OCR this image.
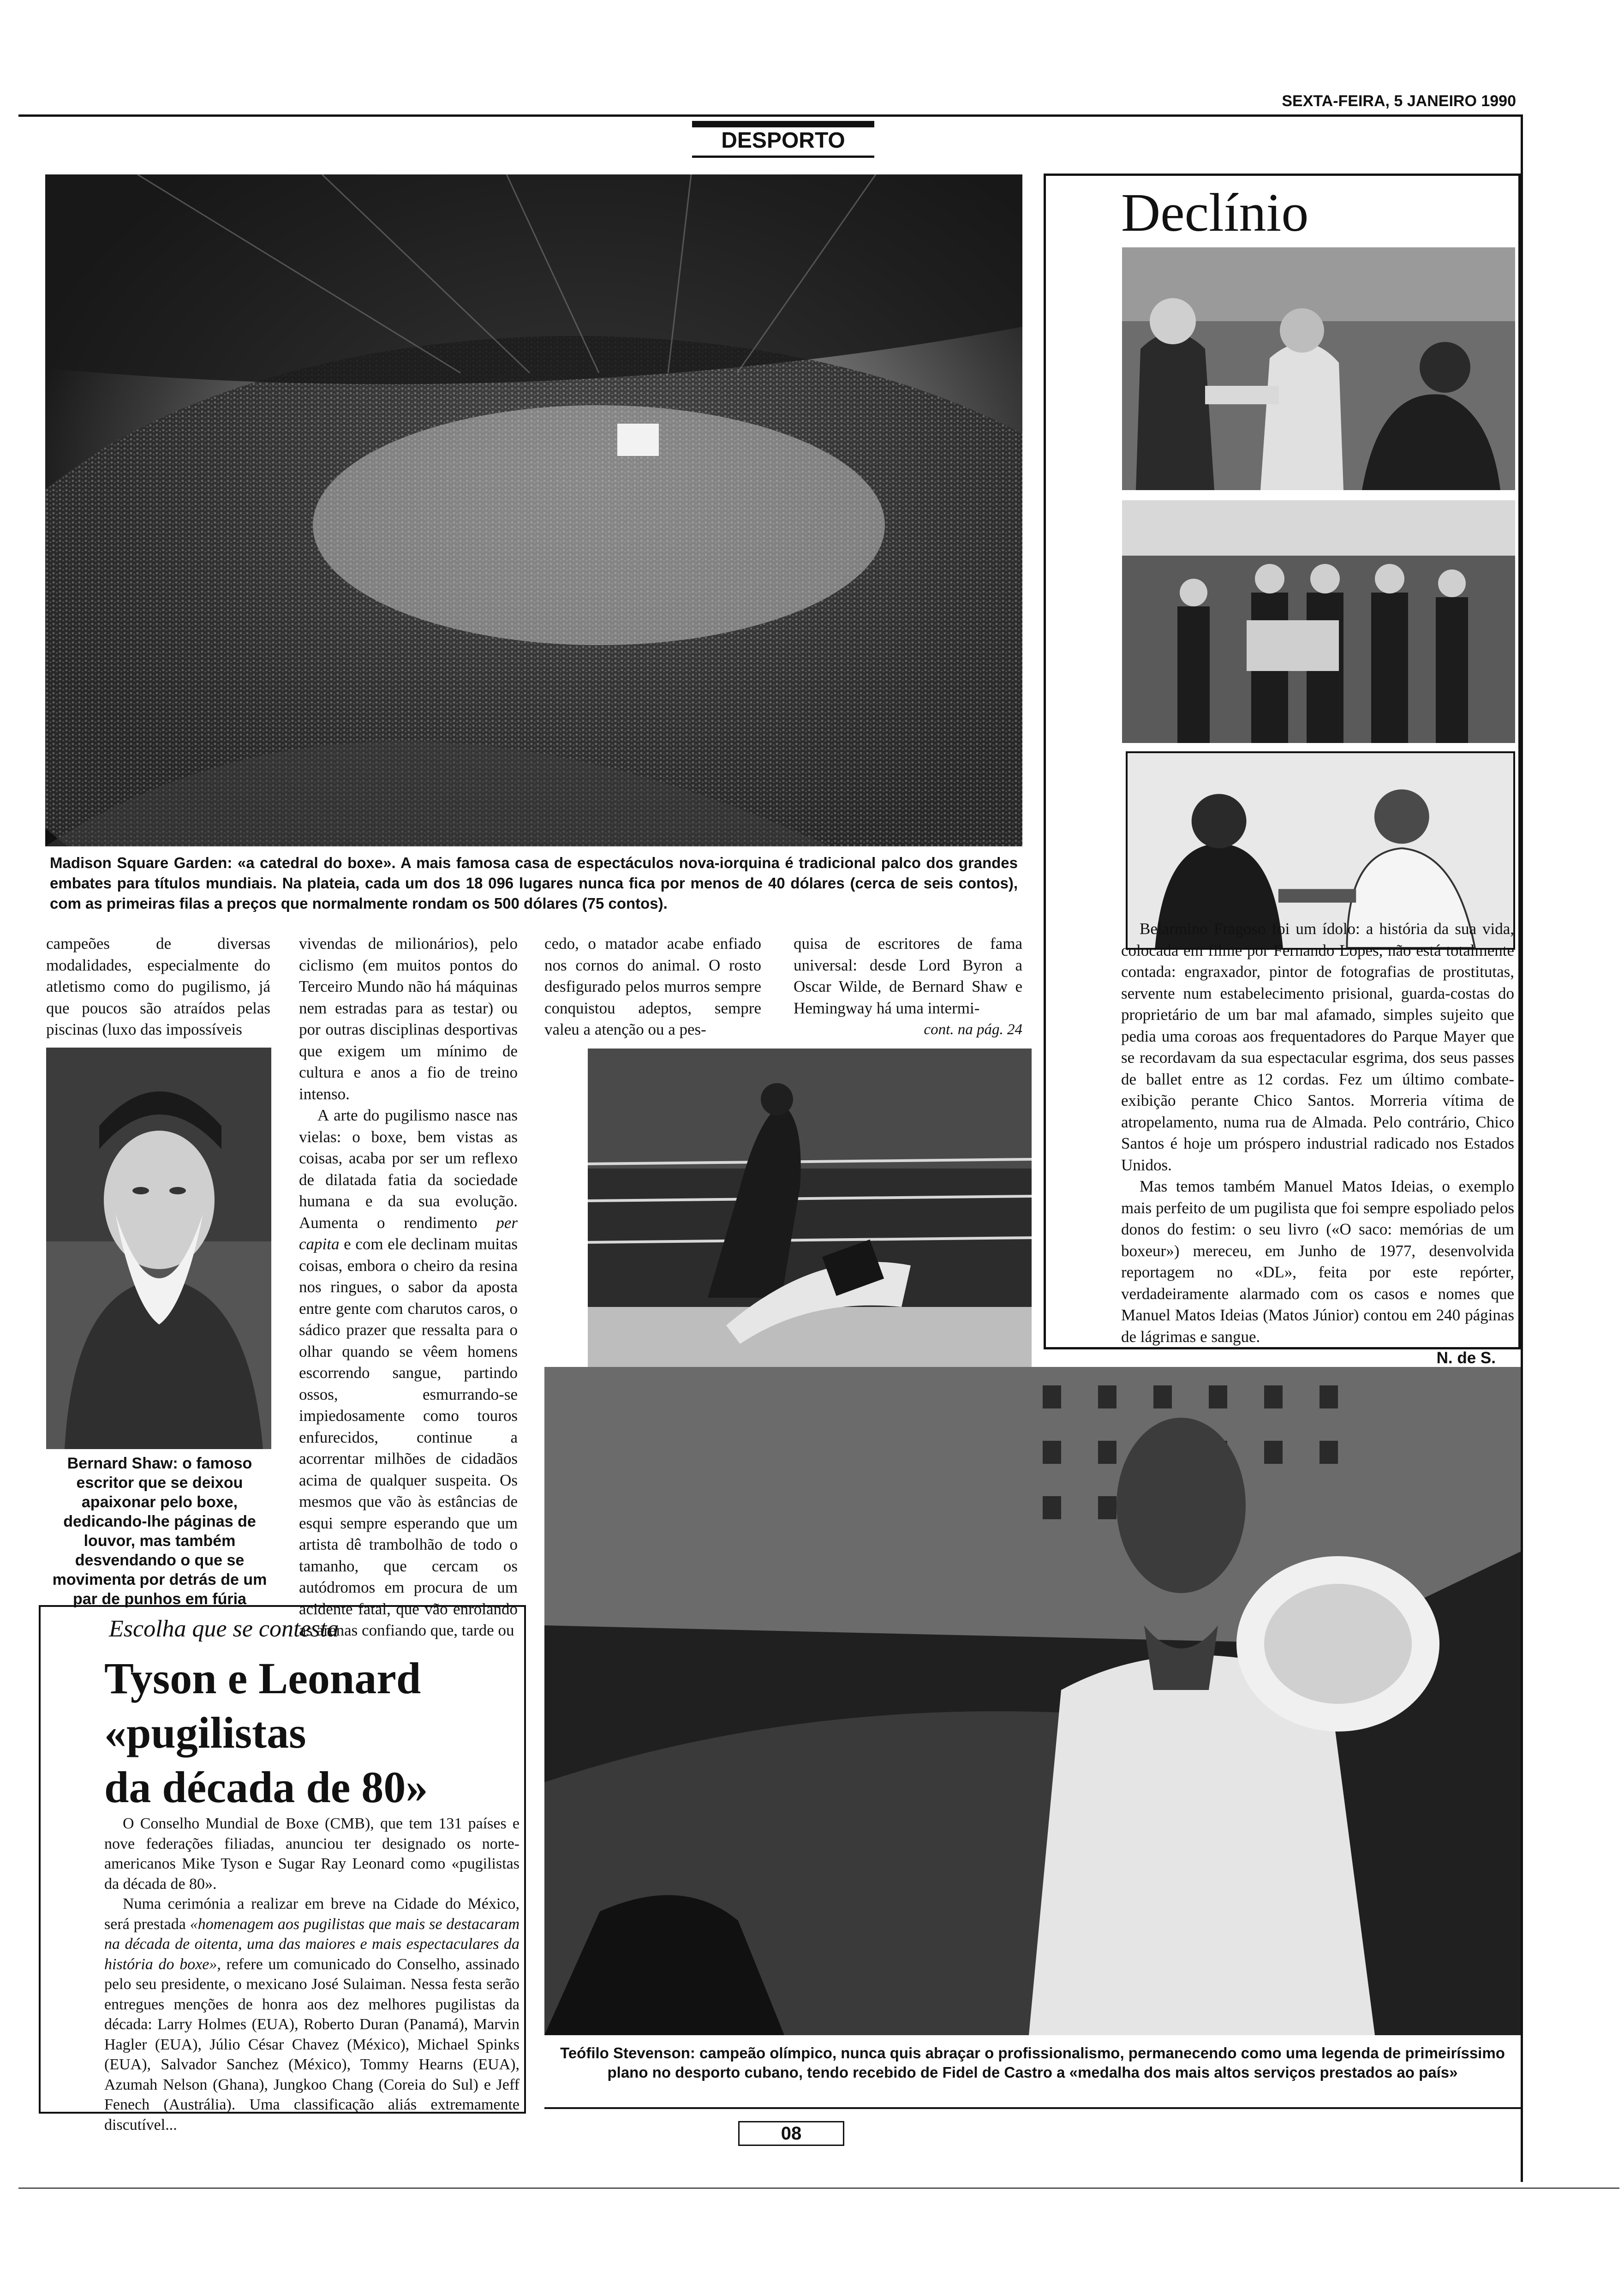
SEXTA-FEIRA, 5 JANEIRO 1990
DESPORTO
Madison Square Garden: «a catedral do boxe». A mais famosa casa de espectáculos nova-iorquina é tradicional palco dos grandes embates para títulos mundiais. Na plateia, cada um dos 18 096 lugares nunca fica por menos de 40 dólares (cerca de seis contos), com as primeiras filas a preços que normalmente rondam os 500 dólares (75 contos).

campeões de diversas modalidades, especialmente do atletismo como do pugilismo, já que poucos são atraídos pelas piscinas (luxo das impossíveis

vivendas de milionários), pelo ciclismo (em muitos pontos do Terceiro Mundo não há máquinas nem estradas para as testar) ou por outras disciplinas desportivas que exigem um mínimo de cultura e anos a fio de treino intenso.

A arte do pugilismo nasce nas vielas: o boxe, bem vistas as coisas, acaba por ser um reflexo de dilatada fatia da sociedade humana e da sua evolução. Aumenta o rendimento per capita e com ele declinam muitas coisas, embora o cheiro da resina nos ringues, o sabor da aposta entre gente com charutos caros, o sádico prazer que ressalta para o olhar quando se vêem homens escorrendo sangue, partindo ossos, esmurrando-se impiedosamente como touros enfurecidos, continue a acorrentar milhões de cidadãos acima de qualquer suspeita. Os mesmos que vão às estâncias de esqui sempre esperando que um artista dê trambolhão de todo o tamanho, que cercam os autódromos em procura de um acidente fatal, que vão enrolando as arenas confiando que, tarde ou

cedo, o matador acabe enfiado nos cornos do animal. O rosto desfigurado pelos murros sempre conquistou adeptos, sempre valeu a atenção ou a pes-

quisa de escritores de fama universal: desde Lord Byron a Oscar Wilde, de Bernard Shaw e Hemingway há uma intermi-

cont. na pág. 24
Bernard Shaw: o famoso escritor que se deixou apaixonar pelo boxe, dedicando-lhe páginas de louvor, mas também desvendando o que se movimenta por detrás de um par de punhos em fúria
Declínio

Belarmino Fragoso foi um ídolo: a história da sua vida, colocada em filme por Fernando Lopes, não está totalmente contada: engraxador, pintor de fotografias de prostitutas, servente num estabelecimento prisional, guarda-costas do proprietário de um bar mal afamado, simples sujeito que pedia uma coroas aos frequentadores do Parque Mayer que se recordavam da sua espectacular esgrima, dos seus passes de ballet entre as 12 cordas. Fez um último combate-exibição perante Chico Santos. Morreria vítima de atropelamento, numa rua de Almada. Pelo contrário, Chico Santos é hoje um próspero industrial radicado nos Estados Unidos.

Mas temos também Manuel Matos Ideias, o exemplo mais perfeito de um pugilista que foi sempre espoliado pelos donos do festim: o seu livro («O saco: memórias de um boxeur») mereceu, em Junho de 1977, desenvolvida reportagem no «DL», feita por este repórter, verdadeiramente alarmado com os casos e nomes que Manuel Matos Ideias (Matos Júnior) contou em 240 páginas de lágrimas e sangue.

N. de S.
Escolha que se contesta
Tyson e Leonard
«pugilistas
da década de 80»

O Conselho Mundial de Boxe (CMB), que tem 131 países e nove federações filiadas, anunciou ter designado os norte-americanos Mike Tyson e Sugar Ray Leonard como «pugilistas da década de 80».

Numa cerimónia a realizar em breve na Cidade do México, será prestada «homenagem aos pugilistas que mais se destacaram na década de oitenta, uma das maiores e mais espectaculares da história do boxe», refere um comunicado do Conselho, assinado pelo seu presidente, o mexicano José Sulaiman. Nessa festa serão entregues menções de honra aos dez melhores pugilistas da década: Larry Holmes (EUA), Roberto Duran (Panamá), Marvin Hagler (EUA), Júlio César Chavez (México), Michael Spinks (EUA), Salvador Sanchez (México), Tommy Hearns (EUA), Azumah Nelson (Ghana), Jungkoo Chang (Coreia do Sul) e Jeff Fenech (Austrália). Uma classificação aliás extremamente discutível...

Teófilo Stevenson: campeão olímpico, nunca quis abraçar o profissionalismo, permanecendo como uma legenda de primeiríssimo plano no desporto cubano, tendo recebido de Fidel de Castro a «medalha dos mais altos serviços prestados ao país»
08
